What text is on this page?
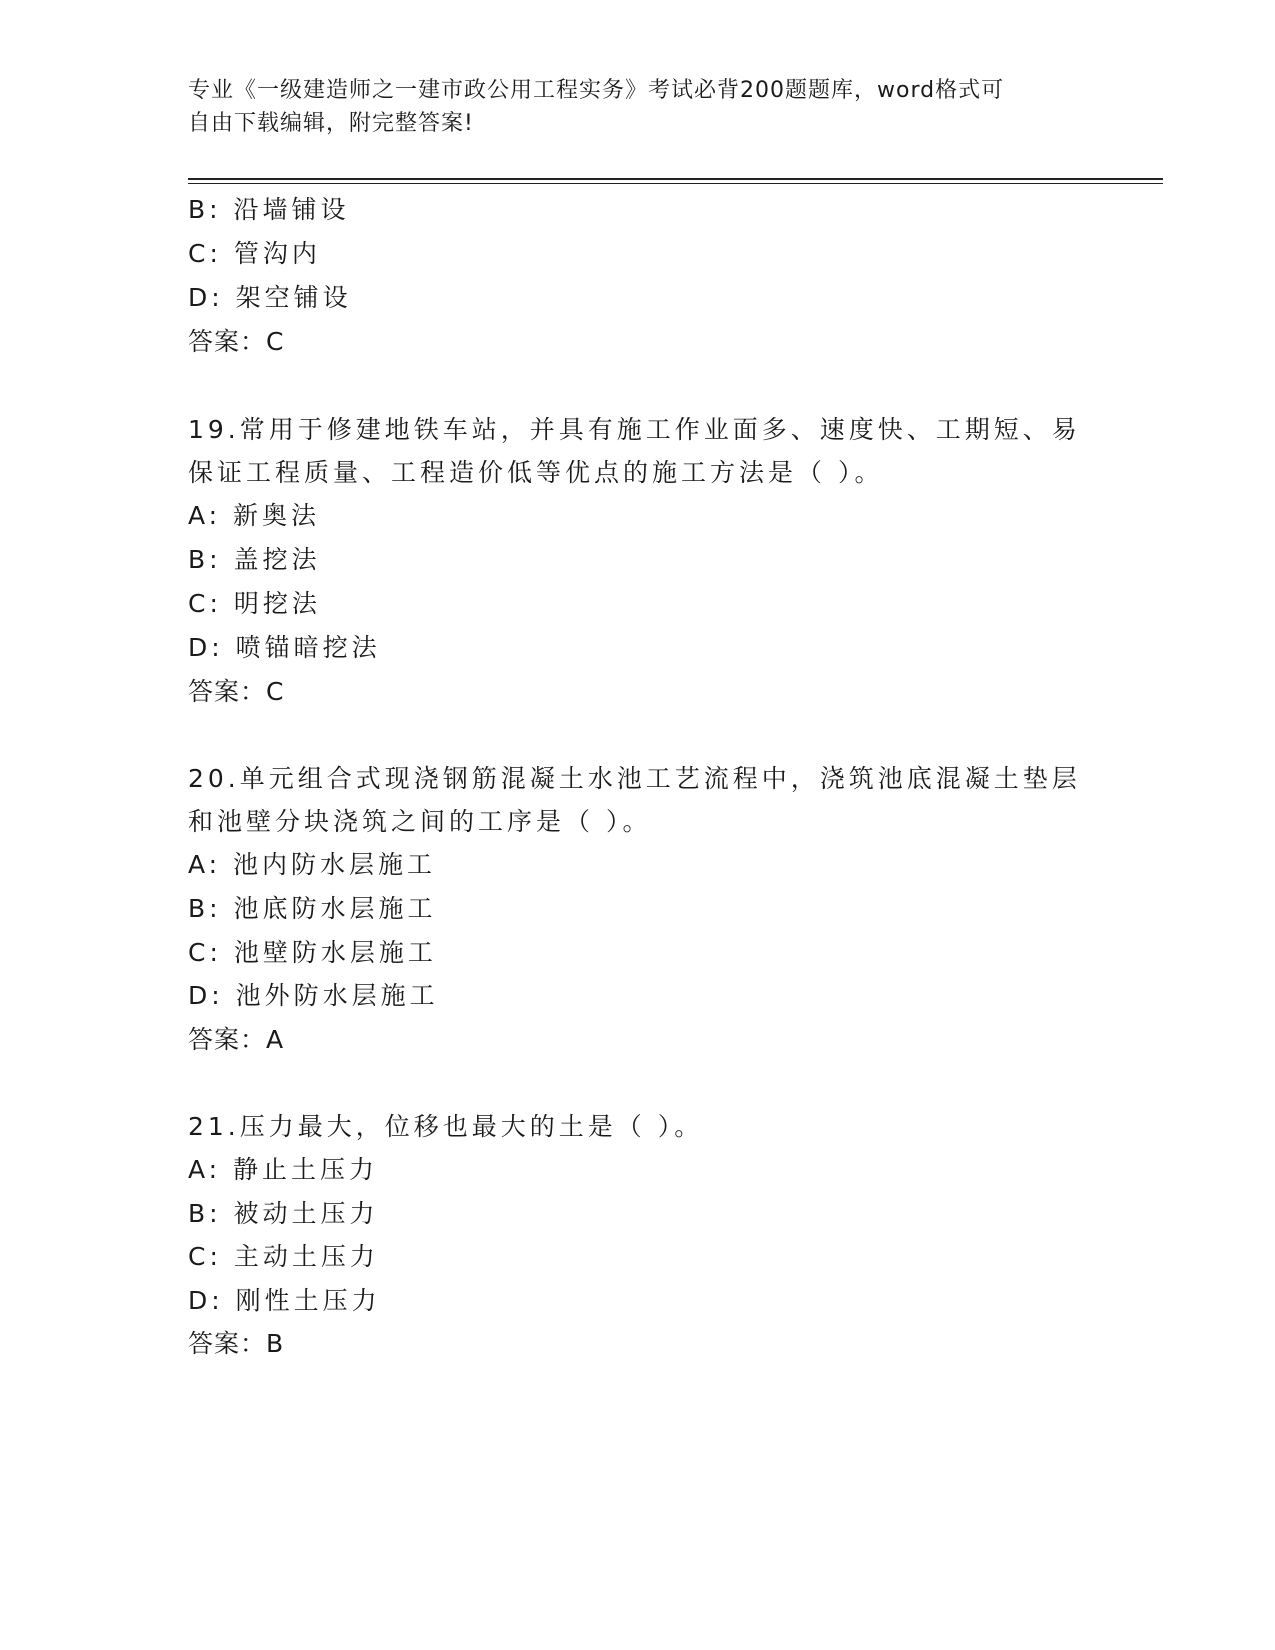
专业《一级建造师之一建市政公用工程实务》考试必背200题题库，word格式可
自由下载编辑，附完整答案!
B: 沿墙铺设
C: 管沟内
D: 架空铺设
答案：C
19.常用于修建地铁车站，并具有施工作业面多、速度快、工期短、易
保证工程质量、工程造价低等优点的施工方法是（ ）。
A: 新奥法
B: 盖挖法
C: 明挖法
D: 喷锚暗挖法
答案：C
20.单元组合式现浇钢筋混凝土水池工艺流程中，浇筑池底混凝土垫层
和池壁分块浇筑之间的工序是（ ）。
A: 池内防水层施工
B: 池底防水层施工
C: 池壁防水层施工
D: 池外防水层施工
答案：A
21.压力最大，位移也最大的土是（ ）。
A: 静止土压力
B: 被动土压力
C: 主动土压力
D: 刚性土压力
答案：B
